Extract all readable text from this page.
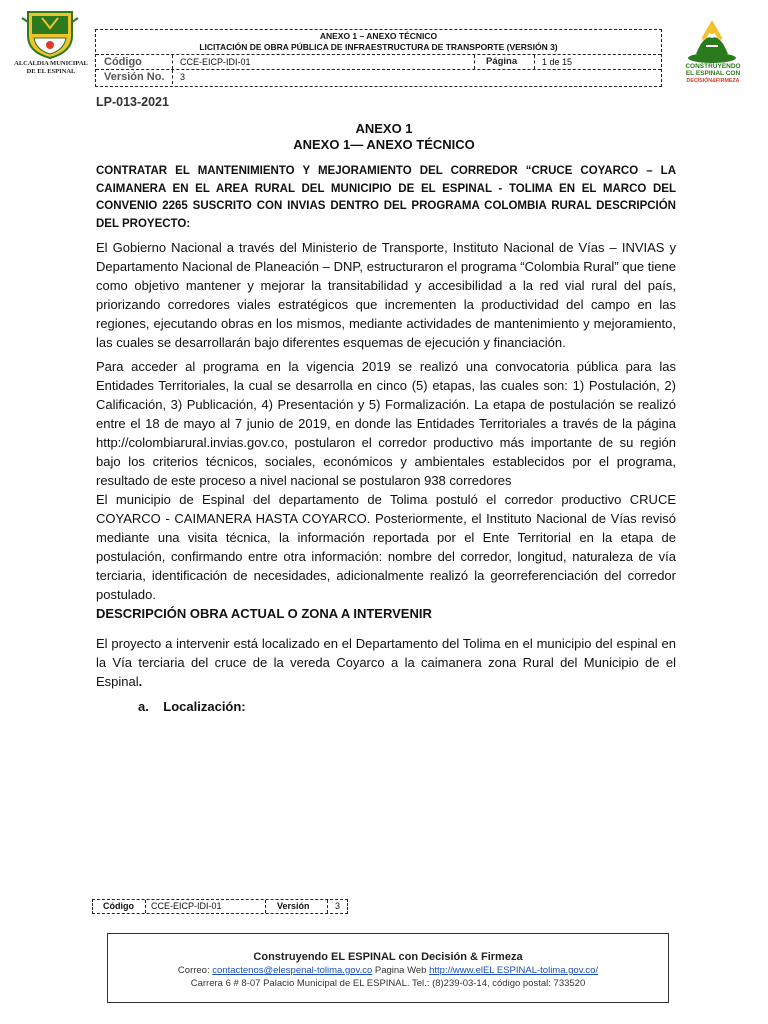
ALCALDIA MUNICIPAL
DE EL ESPINAL
CONSTRUYENDO
EL ESPINAL CON
DECISIÓN&FIRMEZA
ANEXO 1 – ANEXO TÉCNICO
LICITACIÓN DE OBRA PÚBLICA DE INFRAESTRUCTURA DE TRANSPORTE (VERSIÓN 3)
Código	CCE-EICP-IDI-01	Página	1 de 15
Versión No. 3
LP-013-2021
ANEXO 1
ANEXO 1— ANEXO TÉCNICO
CONTRATAR EL MANTENIMIENTO Y MEJORAMIENTO DEL CORREDOR “CRUCE COYARCO – LA CAIMANERA EN EL AREA RURAL DEL MUNICIPIO DE EL ESPINAL - TOLIMA EN EL MARCO DEL CONVENIO 2265 SUSCRITO CON INVIAS DENTRO DEL PROGRAMA COLOMBIA RURAL DESCRIPCIÓN DEL PROYECTO:
El Gobierno Nacional a través del Ministerio de Transporte, Instituto Nacional de Vías – INVIAS y Departamento Nacional de Planeación – DNP, estructuraron el programa “Colombia Rural” que tiene como objetivo mantener y mejorar la transitabilidad y accesibilidad a la red vial rural del país, priorizando corredores viales estratégicos que incrementen la productividad del campo en las regiones, ejecutando obras en los mismos, mediante actividades de mantenimiento y mejoramiento, las cuales se desarrollarán bajo diferentes esquemas de ejecución y financiación.
Para acceder al programa en la vigencia 2019 se realizó una convocatoria pública para las Entidades Territoriales, la cual se desarrolla en cinco (5) etapas, las cuales son: 1) Postulación, 2) Calificación, 3) Publicación, 4) Presentación y 5) Formalización. La etapa de postulación se realizó entre el 18 de mayo al 7 junio de 2019, en donde las Entidades Territoriales a través de la página http://colombiarural.invias.gov.co, postularon el corredor productivo más importante de su región bajo los criterios técnicos, sociales, económicos y ambientales establecidos por el programa, resultado de este proceso a nivel nacional se postularon 938 corredores
El municipio de Espinal del departamento de Tolima postuló el corredor productivo CRUCE COYARCO - CAIMANERA HASTA COYARCO. Posteriormente, el Instituto Nacional de Vías revisó mediante una visita técnica, la información reportada por el Ente Territorial en la etapa de postulación, confirmando entre otra información: nombre del corredor, longitud, naturaleza de vía terciaria, identificación de necesidades, adicionalmente realizó la georreferenciación del corredor postulado.
DESCRIPCIÓN OBRA ACTUAL O ZONA A INTERVENIR
El proyecto a intervenir está localizado en el Departamento del Tolima en el municipio del espinal en la Vía terciaria del cruce de la vereda Coyarco a la caimanera zona Rural del Municipio de el Espinal.
a.    Localización:
Código CCE-EICP-IDI-01	Versión	3
Construyendo EL ESPINAL con Decisión & Firmeza
Correo: contactenos@elespenal-tolima.gov.co Pagina Web http://www.elEL ESPINAL-tolima.gov.co/
Carrera 6 # 8-07 Palacio Municipal de EL ESPINAL. Tel.: (8)239-03-14, código postal: 733520
